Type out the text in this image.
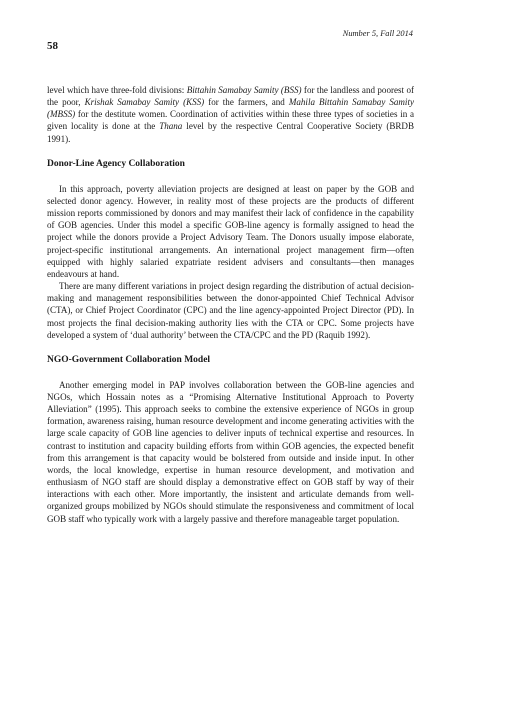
Number 5, Fall 2014
58

level which have three-fold divisions: Bittahin Samabay Samity (BSS) for the landless and poorest of the poor, Krishak Samabay Samity (KSS) for the farmers, and Mahila Bittahin Samabay Samity (MBSS) for the destitute women. Coordination of activities within these three types of societies in a given locality is done at the Thana level by the respective Central Cooperative Society (BRDB 1991).

Donor-Line Agency Collaboration

In this approach, poverty alleviation projects are designed at least on paper by the GOB and selected donor agency. However, in reality most of these projects are the products of different mission reports commissioned by donors and may manifest their lack of confidence in the capability of GOB agencies. Under this model a specific GOB-line agency is formally assigned to head the project while the donors provide a Project Advisory Team. The Donors usually impose elaborate, project-specific institutional arrangements. An international project management firm—often equipped with highly salaried expatriate resident advisers and consultants—then manages endeavours at hand.

There are many different variations in project design regarding the distribution of actual decision-making and management responsibilities between the donor-appointed Chief Technical Advisor (CTA), or Chief Project Coordinator (CPC) and the line agency-appointed Project Director (PD). In most projects the final decision-making authority lies with the CTA or CPC. Some projects have developed a system of ‘dual authority’ between the CTA/CPC and the PD (Raquib 1992).

NGO-Government Collaboration Model

Another emerging model in PAP involves collaboration between the GOB-line agencies and NGOs, which Hossain notes as a “Promising Alternative Institutional Approach to Poverty Alleviation” (1995). This approach seeks to combine the extensive experience of NGOs in group formation, awareness raising, human resource development and income generating activities with the large scale capacity of GOB line agencies to deliver inputs of technical expertise and resources. In contrast to institution and capacity building efforts from within GOB agencies, the expected benefit from this arrangement is that capacity would be bolstered from outside and inside input. In other words, the local knowledge, expertise in human resource development, and motivation and enthusiasm of NGO staff are should display a demonstrative effect on GOB staff by way of their interactions with each other. More importantly, the insistent and articulate demands from well-organized groups mobilized by NGOs should stimulate the responsiveness and commitment of local GOB staff who typically work with a largely passive and therefore manageable target population.
